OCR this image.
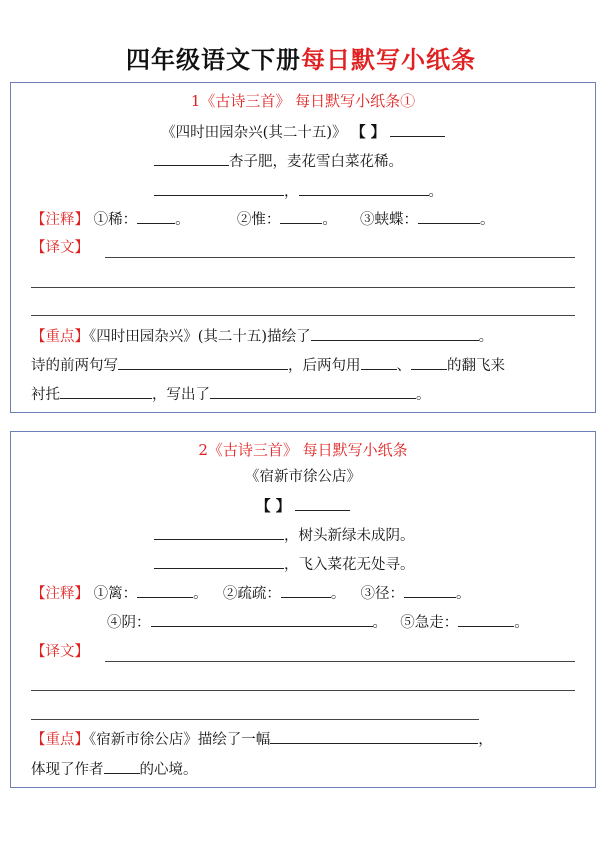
四年级语文下册每日默写小纸条
1《古诗三首》 每日默写小纸条①
《四时田园杂兴(其二十五)》 【 】
杏子肥，麦花雪白菜花稀。
，	。
【注释】 ①稀：	。	②惟：	。 ③蛱蝶：	。
【译文】
【重点】《四时田园杂兴》(其二十五)描绘了	。
诗的前两句写	，后两句用 、 的翻飞来
衬托	，写出了	。
2《古诗三首》 每日默写小纸条
《宿新市徐公店》
【 】
，树头新绿未成阴。
，飞入菜花无处寻。
【注释】 ①篱：	。 ②疏疏：	。 ③径：	。
④阴：	。 ⑤急走：	。
【译文】
【重点】《宿新市徐公店》描绘了一幅	，
体现了作者 的心境。
